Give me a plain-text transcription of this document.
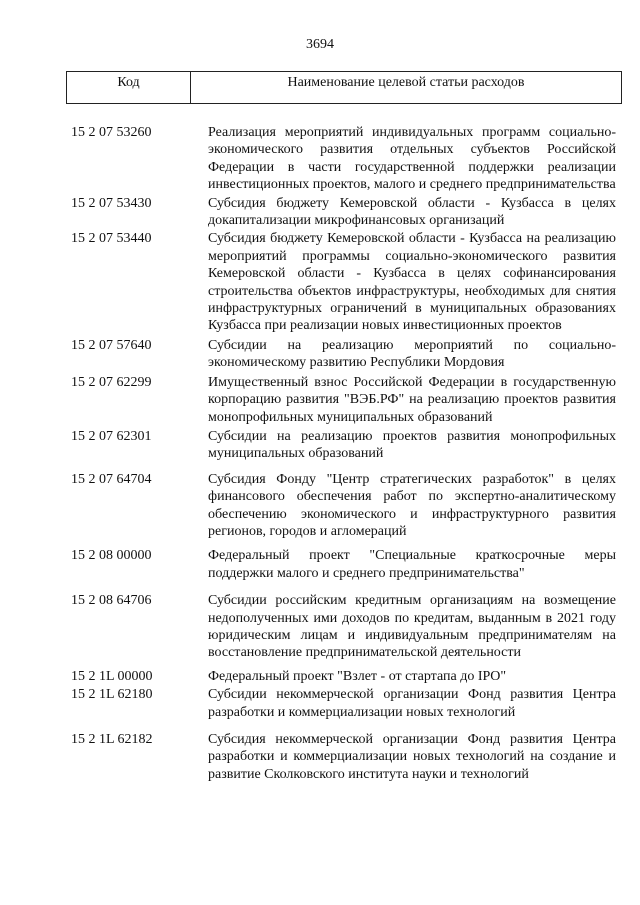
3694
Код	Наименование целевой статьи расходов
15 2 07 53260	Реализация мероприятий индивидуальных программ социально-экономического развития отдельных субъектов Российской Федерации в части государственной поддержки реализации инвестиционных проектов, малого и среднего предпринимательства
15 2 07 53430	Субсидия бюджету Кемеровской области - Кузбасса в целях докапитализации микрофинансовых организаций
15 2 07 53440	Субсидия бюджету Кемеровской области - Кузбасса на реализацию мероприятий программы социально-экономического развития Кемеровской области - Кузбасса в целях софинансирования строительства объектов инфраструктуры, необходимых для снятия инфраструктурных ограничений в муниципальных образованиях Кузбасса при реализации новых инвестиционных проектов
15 2 07 57640	Субсидии на реализацию мероприятий по социально-экономическому развитию Республики Мордовия
15 2 07 62299	Имущественный взнос Российской Федерации в государственную корпорацию развития "ВЭБ.РФ" на реализацию проектов развития монопрофильных муниципальных образований
15 2 07 62301	Субсидии на реализацию проектов развития монопрофильных муниципальных образований
15 2 07 64704	Субсидия Фонду "Центр стратегических разработок" в целях финансового обеспечения работ по экспертно-аналитическому обеспечению экономического и инфраструктурного развития регионов, городов и агломераций
15 2 08 00000	Федеральный проект "Специальные краткосрочные меры поддержки малого и среднего предпринимательства"
15 2 08 64706	Субсидии российским кредитным организациям на возмещение недополученных ими доходов по кредитам, выданным в 2021 году юридическим лицам и индивидуальным предпринимателям на восстановление предпринимательской деятельности
15 2 1L 00000	Федеральный проект "Взлет - от стартапа до IPO"
15 2 1L 62180	Субсидии некоммерческой организации Фонд развития Центра разработки и коммерциализации новых технологий
15 2 1L 62182	Субсидия некоммерческой организации Фонд развития Центра разработки и коммерциализации новых технологий на создание и развитие Сколковского института науки и технологий
